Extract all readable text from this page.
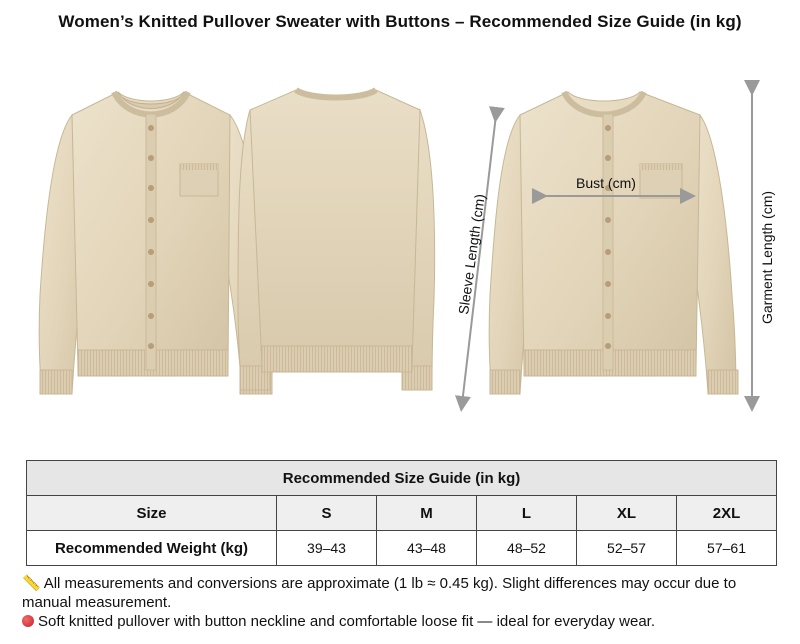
Women’s Knitted Pullover Sweater with Buttons – Recommended Size Guide (in kg)
Sleeve Length (cm)
Bust (cm)
Garment Length (cm)
Recommended Size Guide (in kg)					
Size	S	M	L	XL	2XL
Recommended Weight (kg)	39–43	43–48	48–52	52–57	57–61
📏 All measurements and conversions are approximate (1 lb ≈ 0.45 kg). Slight differences may occur due to manual measurement.
Soft knitted pullover with button neckline and comfortable loose fit — ideal for everyday wear.
